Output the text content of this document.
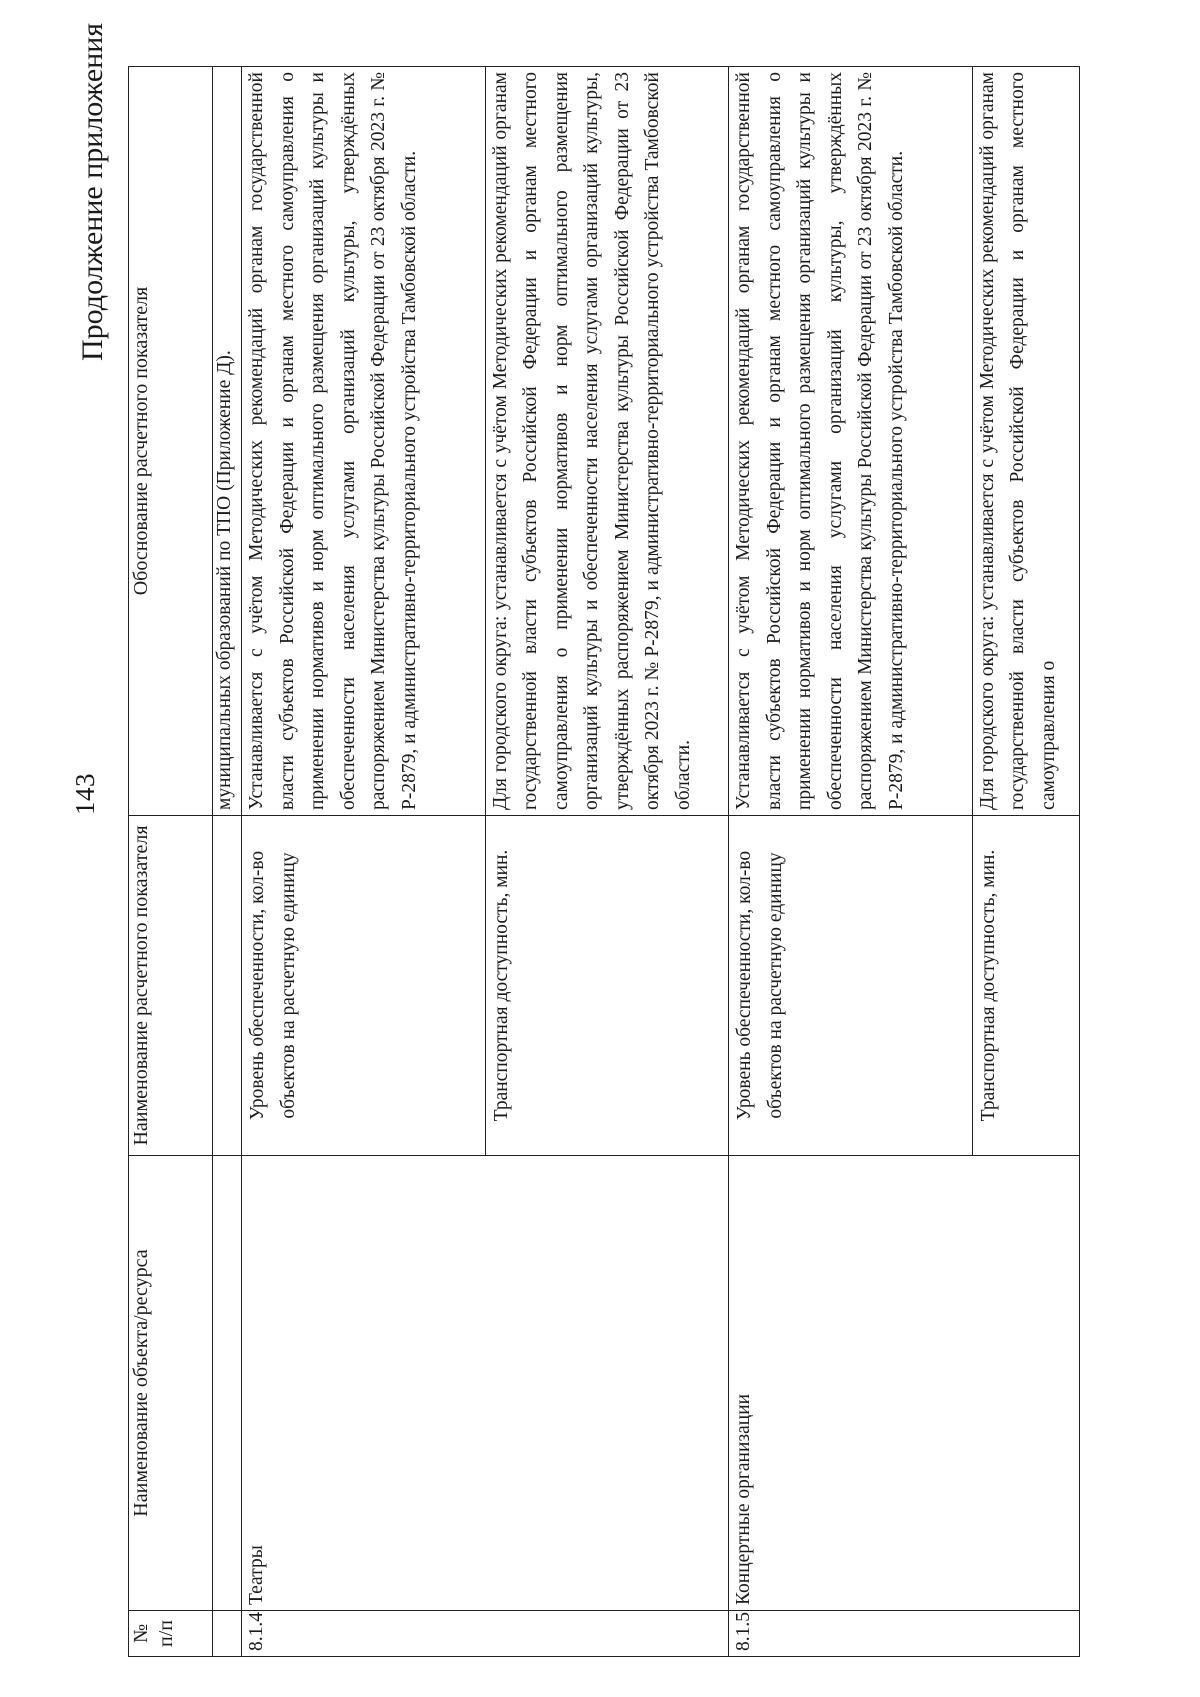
143
Продолжение приложения
№ п/п	Наименование объекта/ресурса	Наименование расчетного показателя	Обоснование расчетного показателя
			муниципальных образований по ТПО (Приложение Д).
8.1.4	Театры	Уровень обеспеченности, кол-во объектов на расчетную единицу	Устанавливается с учётом Методических рекомендаций органам государственной власти субъектов Российской Федерации и органам местного самоуправления о применении нормативов и норм оптимального размещения организаций культуры и обеспеченности населения услугами организаций культуры, утверждённых распоряжением Министерства культуры Российской Федерации от 23 октября 2023 г. № Р-2879, и административно-территориального устройства Тамбовской области.
		Транспортная доступность, мин.	Для городского округа: устанавливается с учётом Методических рекомендаций органам государственной власти субъектов Российской Федерации и органам местного самоуправления о применении нормативов и норм оптимального размещения организаций культуры и обеспеченности населения услугами организаций культуры, утверждённых распоряжением Министерства культуры Российской Федерации от 23 октября 2023 г. № Р-2879, и административно-территориального устройства Тамбовской области.
8.1.5	Концертные организации	Уровень обеспеченности, кол-во объектов на расчетную единицу	Устанавливается с учётом Методических рекомендаций органам государственной власти субъектов Российской Федерации и органам местного самоуправления о применении нормативов и норм оптимального размещения организаций культуры и обеспеченности населения услугами организаций культуры, утверждённых распоряжением Министерства культуры Российской Федерации от 23 октября 2023 г. № Р-2879, и административно-территориального устройства Тамбовской области.
		Транспортная доступность, мин.	Для городского округа: устанавливается с учётом Методических рекомендаций органам государственной власти субъектов Российской Федерации и органам местного самоуправления о
